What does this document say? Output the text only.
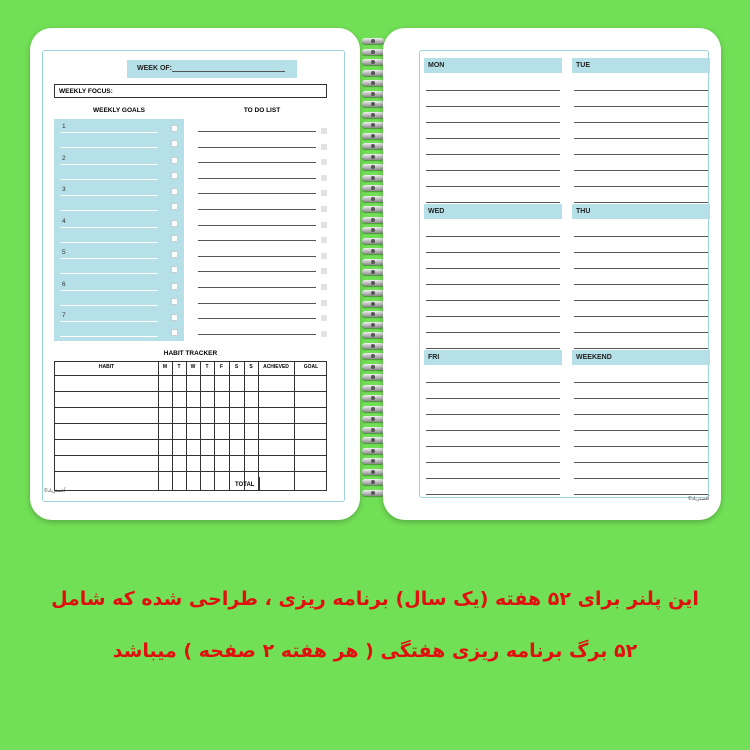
WEEK OF:
WEEKLY FOCUS:
WEEKLY GOALS
1
2
3
4
5
6
7
TO DO LIST
HABIT TRACKER
HABIT	M	T	W	T	F	S	S	ACHIEVED	GOAL
TOTAL
©آفستریاد
©آفستریاد
MON	TUE
WED	THU
FRI	WEEKEND
این پلنر برای ۵۲ هفته (یک سال) برنامه ریزی ، طراحی شده که شامل
۵۲ برگ برنامه ریزی هفتگی ( هر هفته ۲ صفحه ) میباشد
